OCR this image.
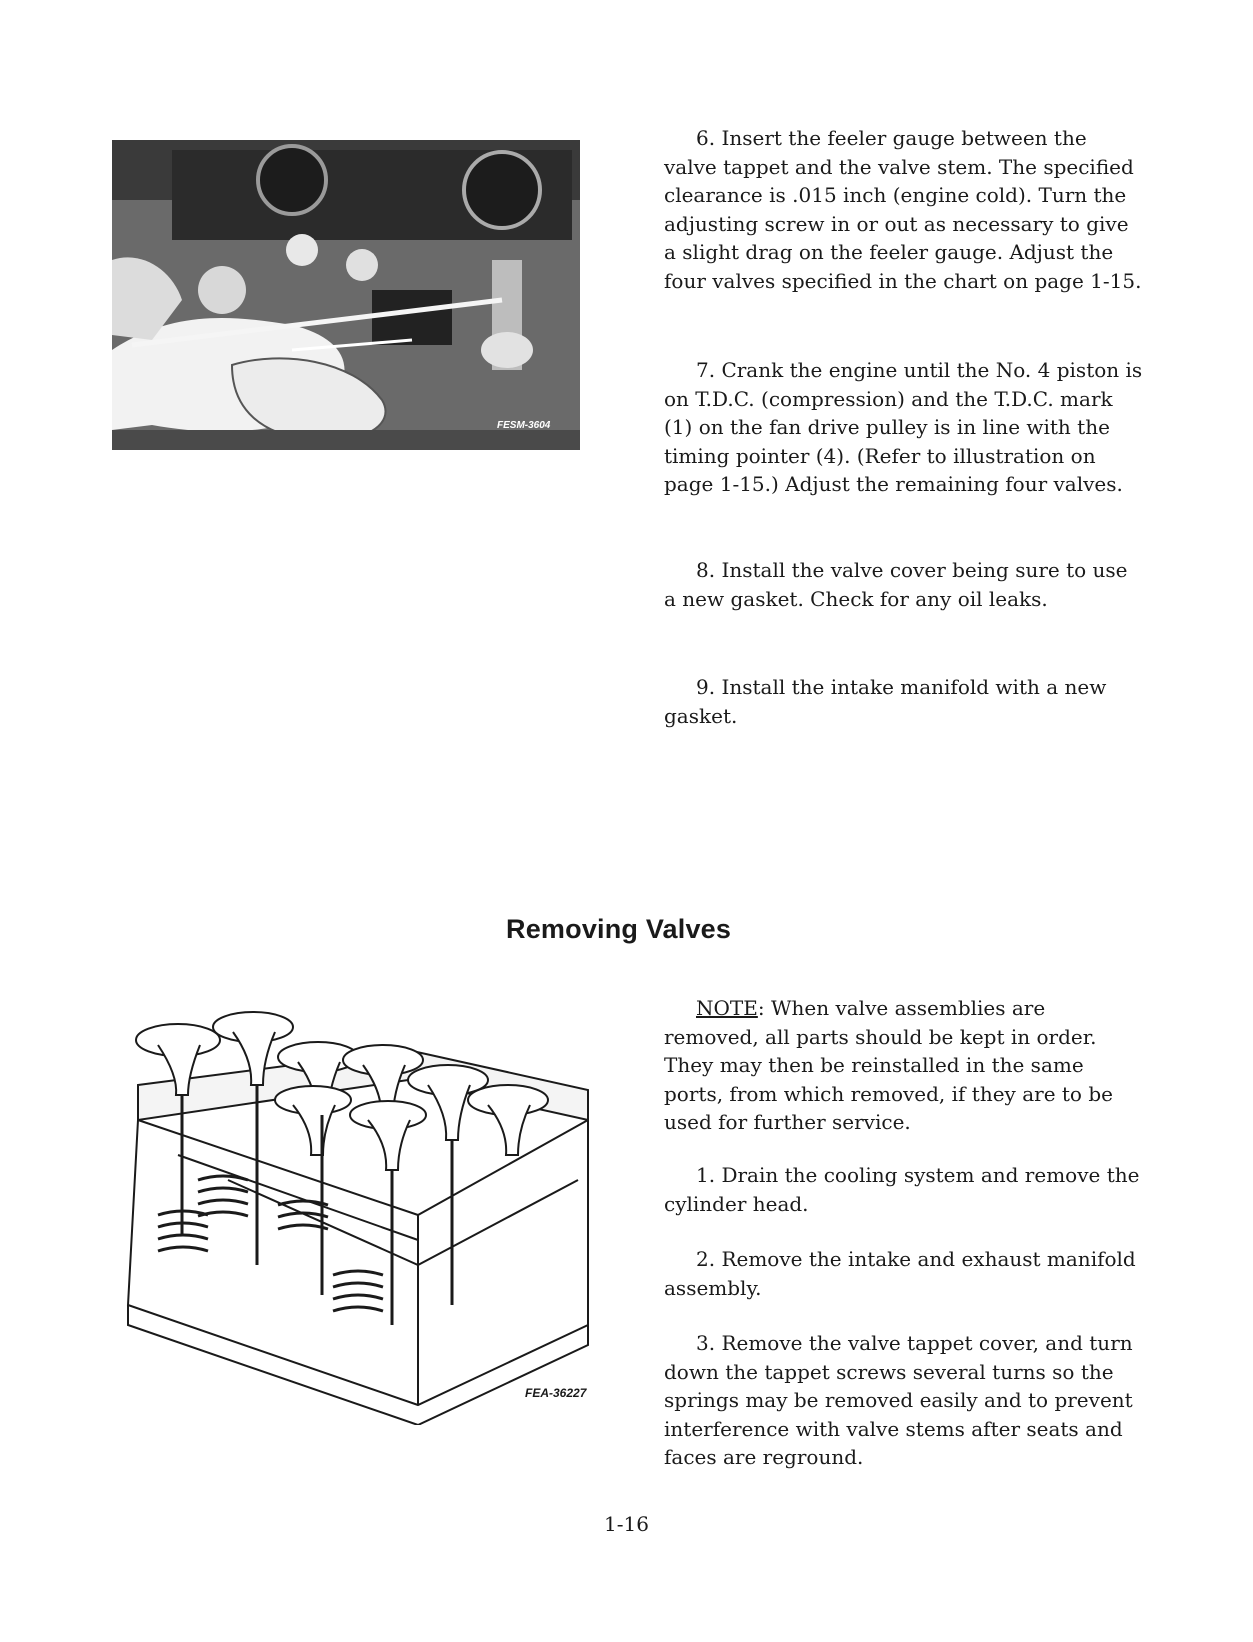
FESM-3604

6. Insert the feeler gauge between the valve tappet and the valve stem. The specified clearance is .015 inch (engine cold). Turn the adjusting screw in or out as necessary to give a slight drag on the feeler gauge. Adjust the four valves specified in the chart on page 1-15.

7. Crank the engine until the No. 4 piston is on T.D.C. (compression) and the T.D.C. mark (1) on the fan drive pulley is in line with the timing pointer (4). (Refer to illustration on page 1-15.) Adjust the remaining four valves.

8. Install the valve cover being sure to use a new gasket. Check for any oil leaks.

9. Install the intake manifold with a new gasket.

Removing Valves
FEA-36227

NOTE: When valve assemblies are removed, all parts should be kept in order. They may then be reinstalled in the same ports, from which removed, if they are to be used for further service.

1. Drain the cooling system and remove the cylinder head.

2. Remove the intake and exhaust manifold assembly.

3. Remove the valve tappet cover, and turn down the tappet screws several turns so the springs may be removed easily and to prevent interference with valve stems after seats and faces are reground.

1-16
